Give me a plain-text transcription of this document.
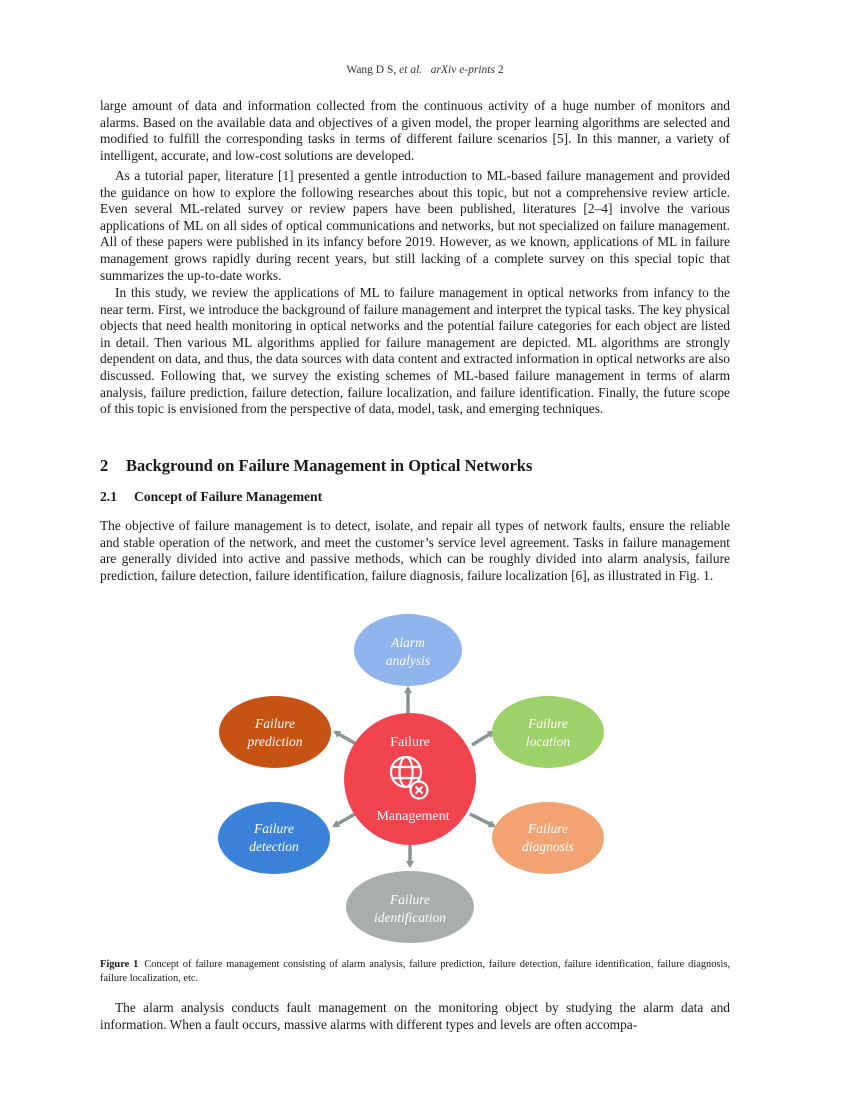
Wang D S, et al. arXiv e-prints 2

large amount of data and information collected from the continuous activity of a huge number of monitors and alarms. Based on the available data and objectives of a given model, the proper learning algorithms are selected and modified to fulfill the corresponding tasks in terms of different failure scenarios [5]. In this manner, a variety of intelligent, accurate, and low-cost solutions are developed.

As a tutorial paper, literature [1] presented a gentle introduction to ML-based failure management and provided the guidance on how to explore the following researches about this topic, but not a comprehensive review article. Even several ML-related survey or review papers have been published, literatures [2–4] involve the various applications of ML on all sides of optical communications and networks, but not specialized on failure management. All of these papers were published in its infancy before 2019. However, as we known, applications of ML in failure management grows rapidly during recent years, but still lacking of a complete survey on this special topic that summarizes the up-to-date works.

In this study, we review the applications of ML to failure management in optical networks from infancy to the near term. First, we introduce the background of failure management and interpret the typical tasks. The key physical objects that need health monitoring in optical networks and the potential failure categories for each object are listed in detail. Then various ML algorithms applied for failure management are depicted. ML algorithms are strongly dependent on data, and thus, the data sources with data content and extracted information in optical networks are also discussed. Following that, we survey the existing schemes of ML-based failure management in terms of alarm analysis, failure prediction, failure detection, failure localization, and failure identification. Finally, the future scope of this topic is envisioned from the perspective of data, model, task, and emerging techniques.

2 Background on Failure Management in Optical Networks
2.1 Concept of Failure Management

The objective of failure management is to detect, isolate, and repair all types of network faults, ensure the reliable and stable operation of the network, and meet the customer’s service level agreement. Tasks in failure management are generally divided into active and passive methods, which can be roughly divided into alarm analysis, failure prediction, failure detection, failure identification, failure diagnosis, failure localization [6], as illustrated in Fig. 1.

Failure
Management
Alarm
analysis
Failure
prediction
Failure
location
Failure
detection
Failure
diagnosis
Failure
identification

Figure 1 Concept of failure management consisting of alarm analysis, failure prediction, failure detection, failure identification, failure diagnosis, failure localization, etc.

The alarm analysis conducts fault management on the monitoring object by studying the alarm data and information. When a fault occurs, massive alarms with different types and levels are often accompa-
